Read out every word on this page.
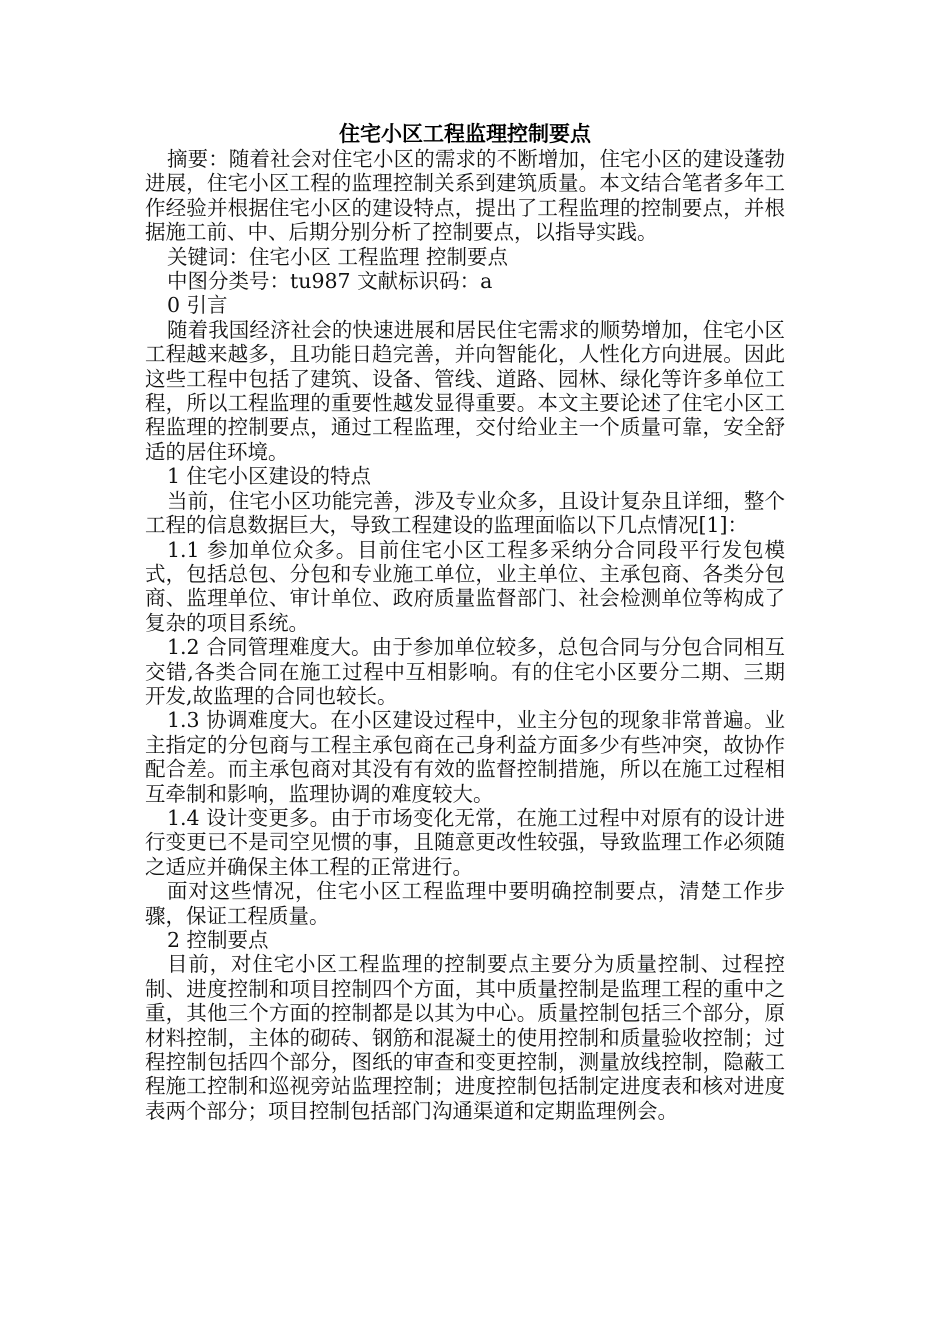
住宅小区工程监理控制要点

摘要：随着社会对住宅小区的需求的不断增加，住宅小区的建设蓬勃进展，住宅小区工程的监理控制关系到建筑质量。本文结合笔者多年工作经验并根据住宅小区的建设特点，提出了工程监理的控制要点，并根据施工前、中、后期分别分析了控制要点，以指导实践。

关键词：住宅小区 工程监理 控制要点

中图分类号：tu987 文献标识码：a

0 引言

随着我国经济社会的快速进展和居民住宅需求的顺势增加，住宅小区工程越来越多，且功能日趋完善，并向智能化，人性化方向进展。因此这些工程中包括了建筑、设备、管线、道路、园林、绿化等许多单位工程，所以工程监理的重要性越发显得重要。本文主要论述了住宅小区工程监理的控制要点，通过工程监理，交付给业主一个质量可靠，安全舒适的居住环境。

1 住宅小区建设的特点

当前，住宅小区功能完善，涉及专业众多，且设计复杂且详细，整个工程的信息数据巨大，导致工程建设的监理面临以下几点情况[1]：

1.1 参加单位众多。目前住宅小区工程多采纳分合同段平行发包模式，包括总包、分包和专业施工单位，业主单位、主承包商、各类分包商、监理单位、审计单位、政府质量监督部门、社会检测单位等构成了复杂的项目系统。

1.2 合同管理难度大。由于参加单位较多，总包合同与分包合同相互交错,各类合同在施工过程中互相影响。有的住宅小区要分二期、三期开发,故监理的合同也较长。

1.3 协调难度大。在小区建设过程中，业主分包的现象非常普遍。业主指定的分包商与工程主承包商在己身利益方面多少有些冲突，故协作配合差。而主承包商对其没有有效的监督控制措施，所以在施工过程相互牵制和影响，监理协调的难度较大。

1.4 设计变更多。由于市场变化无常，在施工过程中对原有的设计进行变更已不是司空见惯的事，且随意更改性较强，导致监理工作必须随之适应并确保主体工程的正常进行。

面对这些情况，住宅小区工程监理中要明确控制要点，清楚工作步骤，保证工程质量。

2 控制要点

目前，对住宅小区工程监理的控制要点主要分为质量控制、过程控制、进度控制和项目控制四个方面，其中质量控制是监理工程的重中之重，其他三个方面的控制都是以其为中心。质量控制包括三个部分，原材料控制，主体的砌砖、钢筋和混凝土的使用控制和质量验收控制；过程控制包括四个部分，图纸的审查和变更控制，测量放线控制，隐蔽工程施工控制和巡视旁站监理控制；进度控制包括制定进度表和核对进度表两个部分；项目控制包括部门沟通渠道和定期监理例会。
